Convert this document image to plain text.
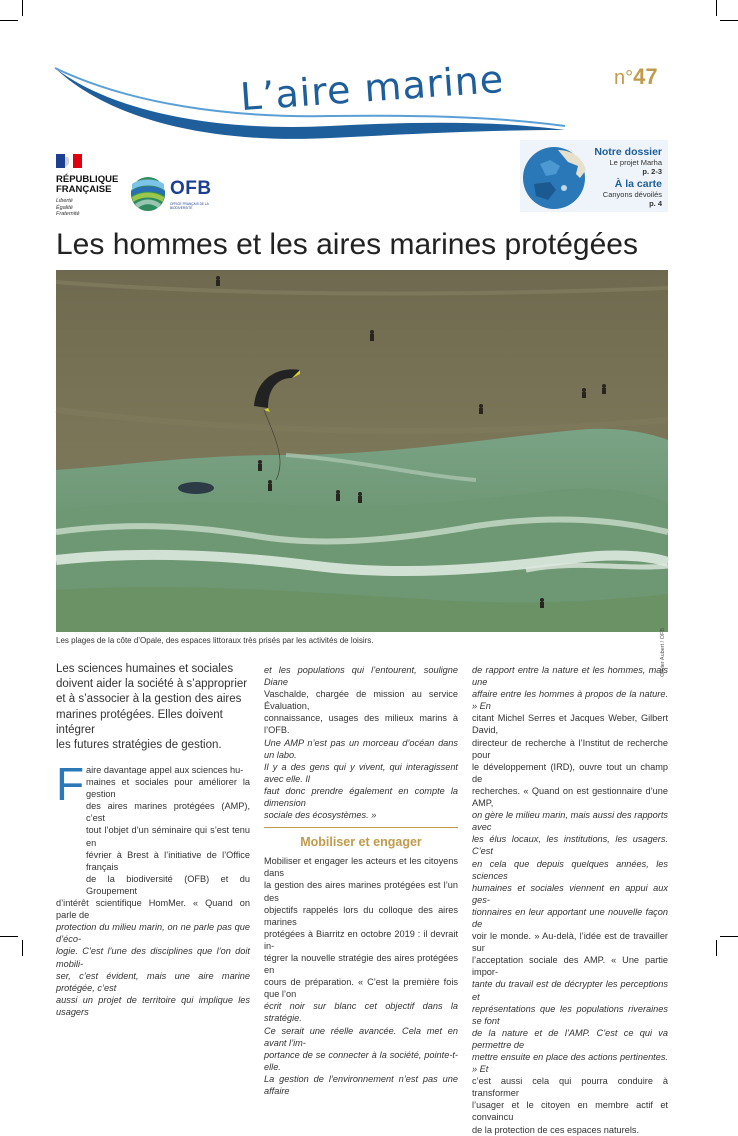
L’aire marine	n°47
RÉPUBLIQUE
FRANÇAISE
Liberté
Égalité
Fraternité
OFB
OFFICE FRANÇAIS DE LA BIODIVERSITÉ
Notre dossier
Le projet Marha
p. 2-3
À la carte
Canyons dévoilés
p. 4
Les hommes et les aires marines protégées
Olivier Aubert / OFB
Les plages de la côte d’Opale, des espaces littoraux très prisés par les activités de loisirs.
Les sciences humaines et sociales
doivent aider la société à s’approprier
et à s’associer à la gestion des aires
marines protégées. Elles doivent intégrer
les futures stratégies de gestion.
F aire davantage appel aux sciences hu-
maines et sociales pour améliorer la gestion
des aires marines protégées (AMP), c’est
tout l’objet d’un séminaire qui s’est tenu en
février à Brest à l’initiative de l’Office français
de la biodiversité (OFB) et du Groupement
d’intérêt scientifique HomMer. « Quand on parle de
protection du milieu marin, on ne parle pas que d’éco-
logie. C’est l’une des disciplines que l’on doit mobili-
ser, c’est évident, mais une aire marine protégée, c’est
aussi un projet de territoire qui implique les usagers
et les populations qui l’entourent, souligne Diane
Vaschalde, chargée de mission au service Évaluation,
connaissance, usages des milieux marins à l’OFB.
Une AMP n’est pas un morceau d’océan dans un labo.
Il y a des gens qui y vivent, qui interagissent avec elle. Il
faut donc prendre également en compte la dimension
sociale des écosystèmes. »
Mobiliser et engager
Mobiliser et engager les acteurs et les citoyens dans
la gestion des aires marines protégées est l’un des
objectifs rappelés lors du colloque des aires marines
protégées à Biarritz en octobre 2019 : il devrait in-
tégrer la nouvelle stratégie des aires protégées en
cours de préparation. « C’est la première fois que l’on
écrit noir sur blanc cet objectif dans la stratégie.
Ce serait une réelle avancée. Cela met en avant l’im-
portance de se connecter à la société, pointe-t-elle.
La gestion de l’environnement n’est pas une affaire
de rapport entre la nature et les hommes, mais une
affaire entre les hommes à propos de la nature. » En
citant Michel Serres et Jacques Weber, Gilbert David,
directeur de recherche à l’Institut de recherche pour
le développement (IRD), ouvre tout un champ de
recherches. « Quand on est gestionnaire d’une AMP,
on gère le milieu marin, mais aussi des rapports avec
les élus locaux, les institutions, les usagers. C’est
en cela que depuis quelques années, les sciences
humaines et sociales viennent en appui aux ges-
tionnaires en leur apportant une nouvelle façon de
voir le monde. » Au-delà, l’idée est de travailler sur
l’acceptation sociale des AMP. « Une partie impor-
tante du travail est de décrypter les perceptions et
représentations que les populations riveraines se font
de la nature et de l’AMP. C’est ce qui va permettre de
mettre ensuite en place des actions pertinentes. » Et
c’est aussi cela qui pourra conduire à transformer
l’usager et le citoyen en membre actif et convaincu
de la protection de ces espaces naturels.
